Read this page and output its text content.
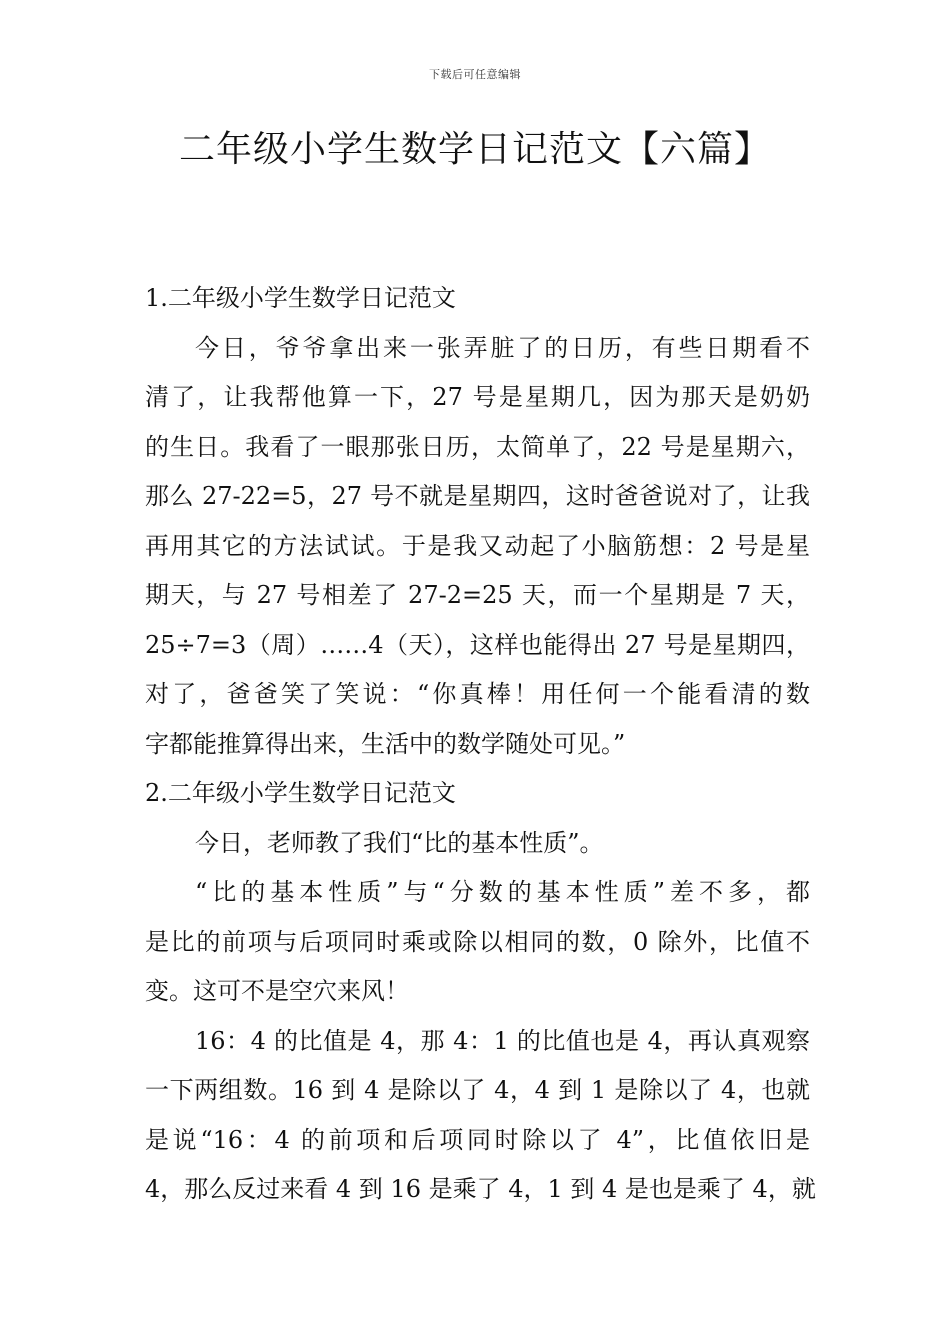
下载后可任意编辑
二年级小学生数学日记范文【六篇】
1.二年级小学生数学日记范文
今日，爷爷拿出来一张弄脏了的日历，有些日期看不
清了，让我帮他算一下，27 号是星期几，因为那天是奶奶
的生日。我看了一眼那张日历，太简单了，22 号是星期六，
那么 27-22=5，27 号不就是星期四，这时爸爸说对了，让我
再用其它的方法试试。于是我又动起了小脑筋想：2 号是星
期天，与 27 号相差了 27-2=25 天，而一个星期是 7 天，
25÷7=3（周）……4（天），这样也能得出 27 号是星期四，
对了，爸爸笑了笑说：“你真棒！用任何一个能看清的数
字都能推算得出来，生活中的数学随处可见。”
2.二年级小学生数学日记范文
今日，老师教了我们“比的基本性质”。
“比的基本性质”与“分数的基本性质”差不多，都
是比的前项与后项同时乘或除以相同的数，0 除外，比值不
变。这可不是空穴来风！
16：4 的比值是 4，那 4：1 的比值也是 4，再认真观察
一下两组数。16 到 4 是除以了 4，4 到 1 是除以了 4，也就
是说“16：4 的前项和后项同时除以了 4”，比值依旧是
4，那么反过来看 4 到 16 是乘了 4，1 到 4 是也是乘了 4，就
